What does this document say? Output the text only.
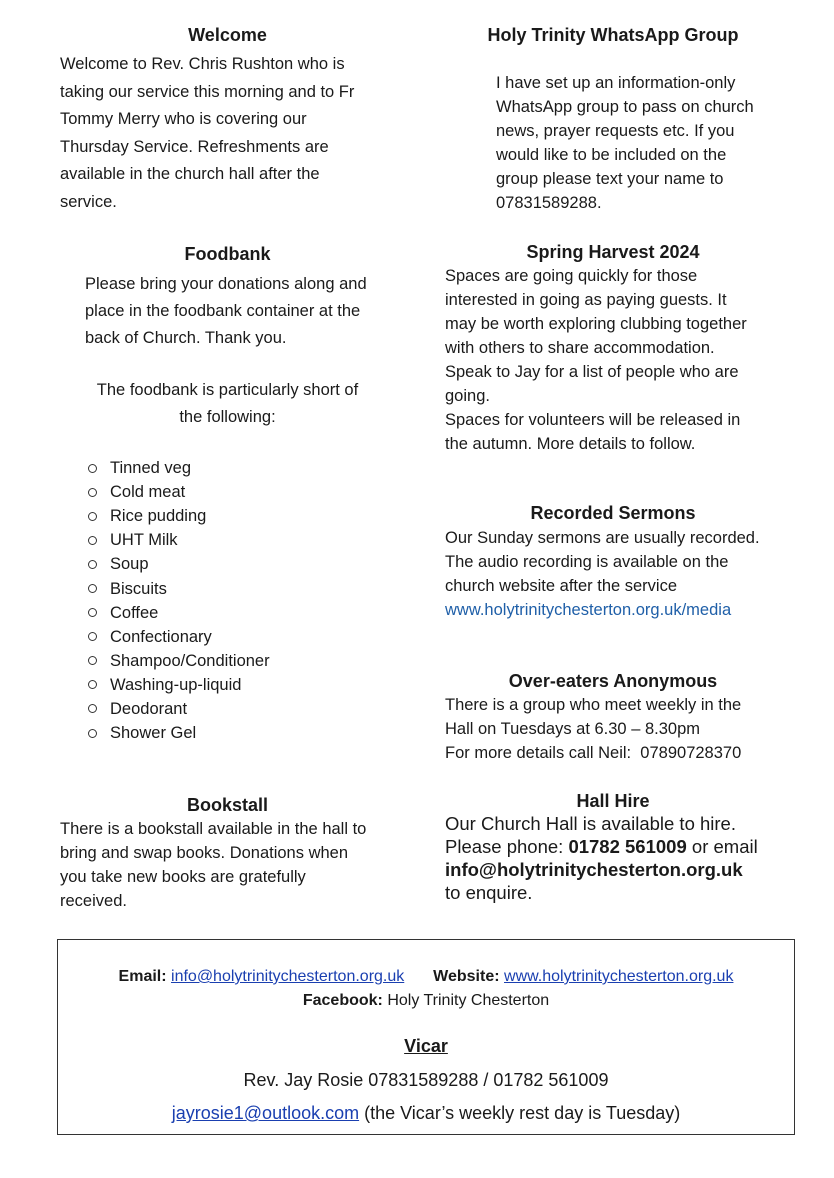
Welcome
Welcome to Rev. Chris Rushton who is
taking our service this morning and to Fr
Tommy Merry who is covering our
Thursday Service. Refreshments are
available in the church hall after the
service.
Holy Trinity WhatsApp Group
I have set up an information-only
WhatsApp group to pass on church
news, prayer requests etc. If you
would like to be included on the
group please text your name to
07831589288.
Foodbank
Please bring your donations along and
place in the foodbank container at the
back of Church. Thank you.
The foodbank is particularly short of
the following:
Tinned veg
Cold meat
Rice pudding
UHT Milk
Soup
Biscuits
Coffee
Confectionary
Shampoo/Conditioner
Washing-up-liquid
Deodorant
Shower Gel
Spring Harvest 2024
Spaces are going quickly for those
interested in going as paying guests. It
may be worth exploring clubbing together
with others to share accommodation.
Speak to Jay for a list of people who are
going.
Spaces for volunteers will be released in
the autumn. More details to follow.
Recorded Sermons
Our Sunday sermons are usually recorded.
The audio recording is available on the
church website after the service
www.holytrinitychesterton.org.uk/media
Over-eaters Anonymous
There is a group who meet weekly in the
Hall on Tuesdays at 6.30 – 8.30pm
For more details call Neil:  07890728370
Bookstall
There is a bookstall available in the hall to
bring and swap books. Donations when
you take new books are gratefully
received.
Hall Hire
Our Church Hall is available to hire.
Please phone: 01782 561009 or email
info@holytrinitychesterton.org.uk
to enquire.
Email: info@holytrinitychesterton.org.uk Website: www.holytrinitychesterton.org.uk
Facebook: Holy Trinity Chesterton
Vicar
Rev. Jay Rosie 07831589288 / 01782 561009
jayrosie1@outlook.com (the Vicar’s weekly rest day is Tuesday)
